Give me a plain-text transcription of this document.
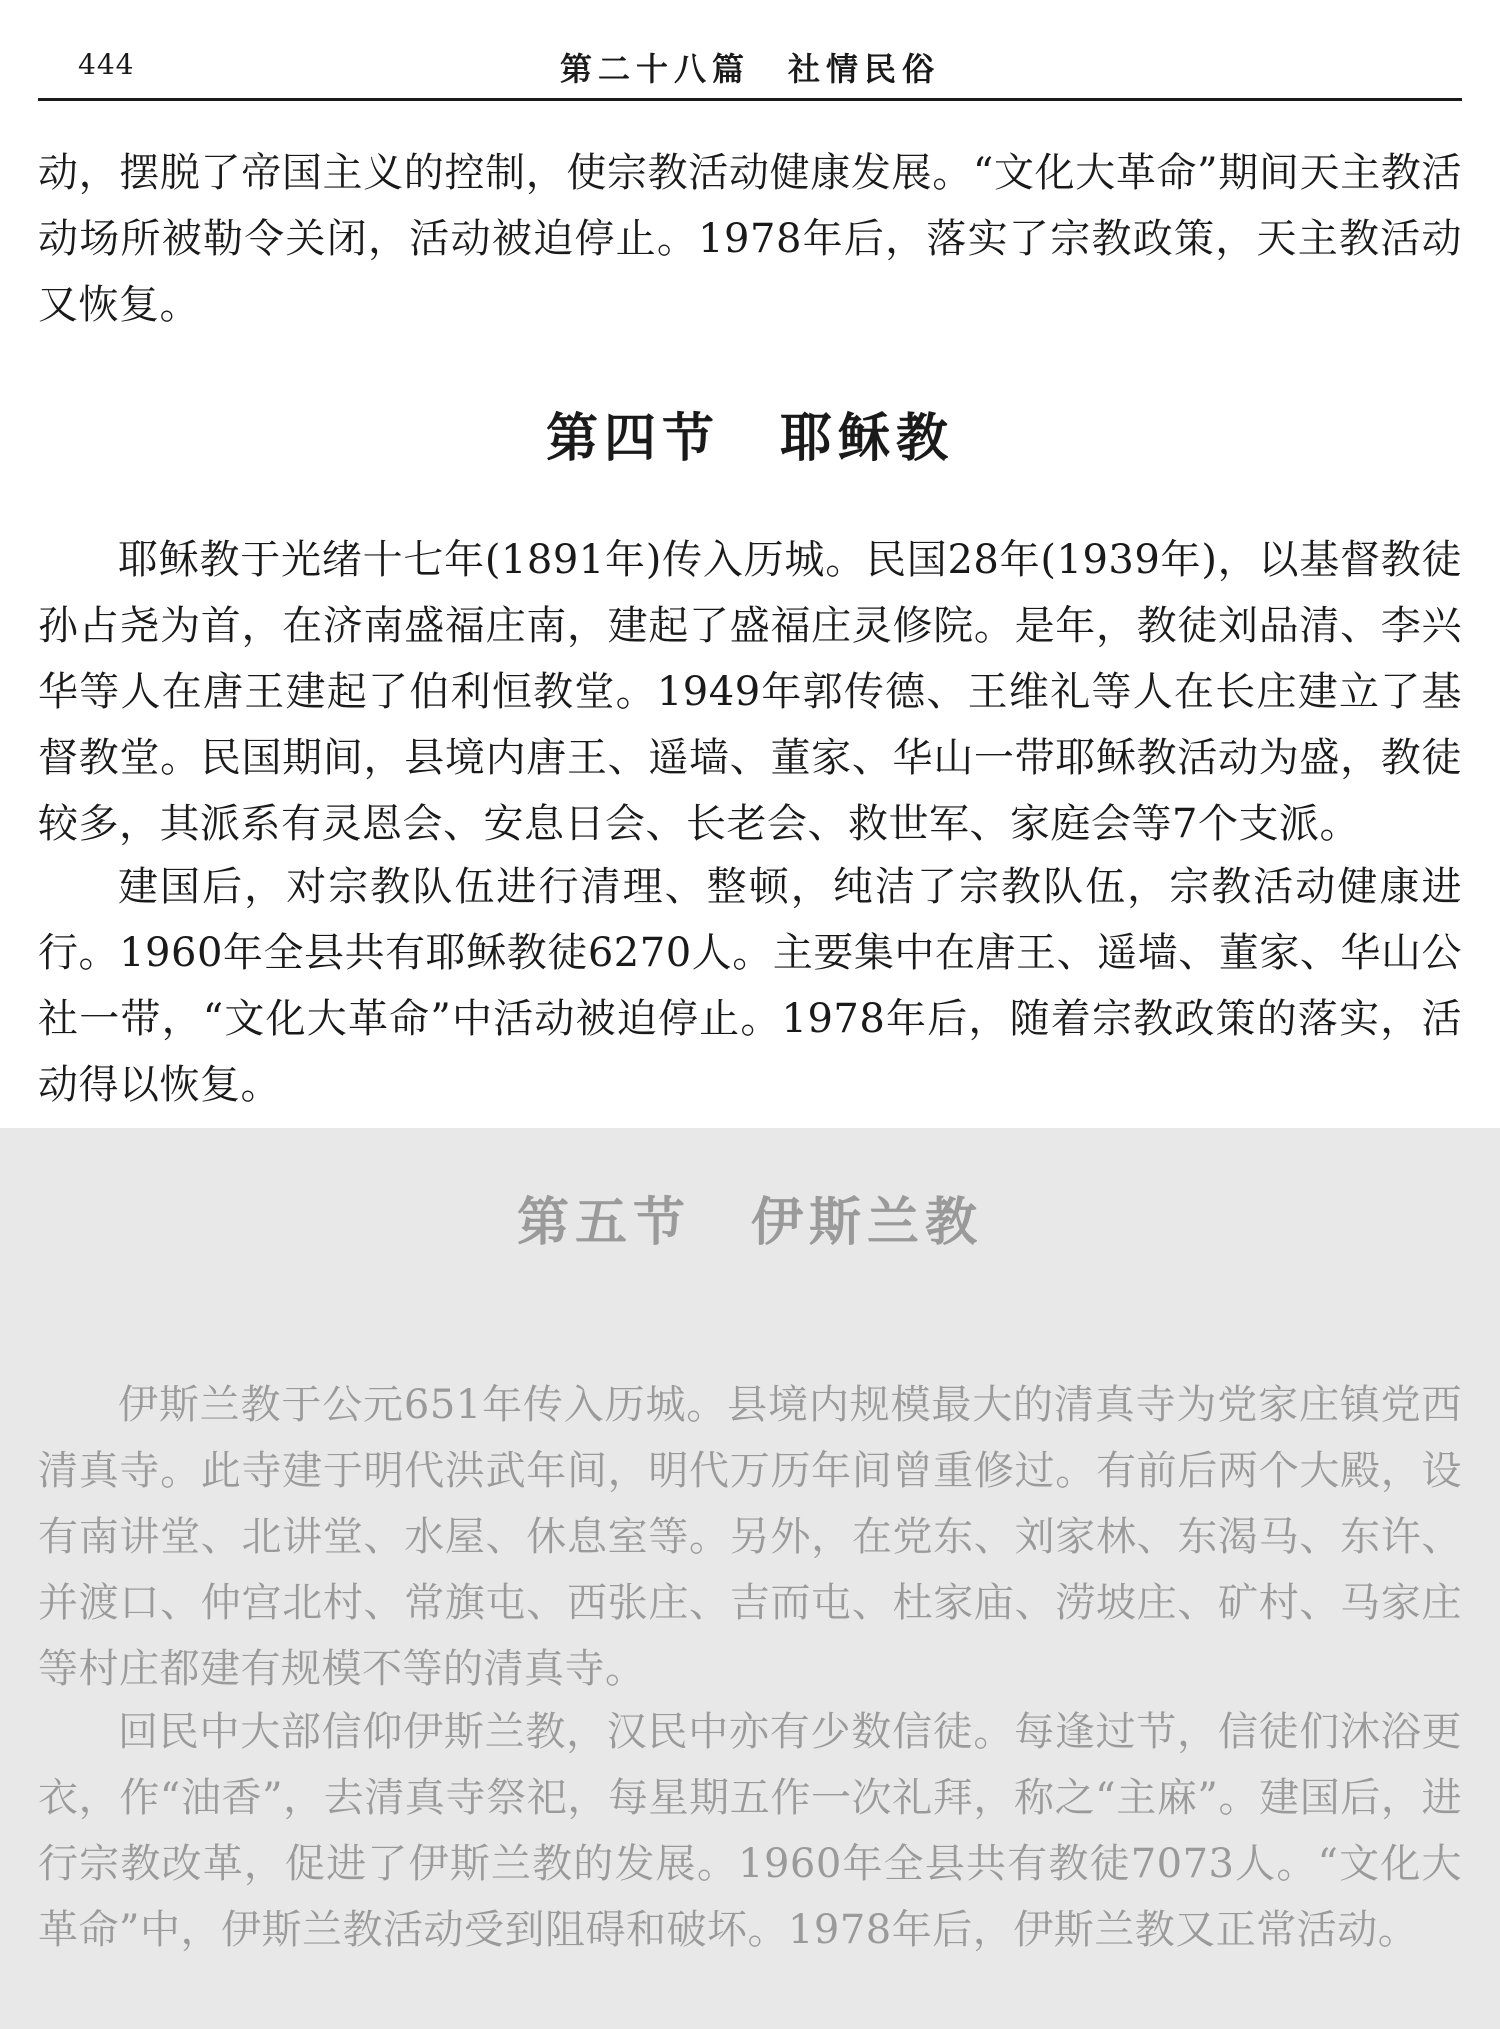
444	第二十八篇　社情民俗

动，摆脱了帝国主义的控制，使宗教活动健康发展。“文化大革命”期间天主教活动场所被勒令关闭，活动被迫停止。1978年后，落实了宗教政策，天主教活动又恢复。

第四节 耶稣教

耶稣教于光绪十七年(1891年)传入历城。民国28年(1939年)，以基督教徒孙占尧为首，在济南盛福庄南，建起了盛福庄灵修院。是年，教徒刘品清、李兴华等人在唐王建起了伯利恒教堂。1949年郭传德、王维礼等人在长庄建立了基督教堂。民国期间，县境内唐王、遥墙、董家、华山一带耶稣教活动为盛，教徒较多，其派系有灵恩会、安息日会、长老会、救世军、家庭会等7个支派。

建国后，对宗教队伍进行清理、整顿，纯洁了宗教队伍，宗教活动健康进行。1960年全县共有耶稣教徒6270人。主要集中在唐王、遥墙、董家、华山公社一带，“文化大革命”中活动被迫停止。1978年后，随着宗教政策的落实，活动得以恢复。

第五节 伊斯兰教

伊斯兰教于公元651年传入历城。县境内规模最大的清真寺为党家庄镇党西清真寺。此寺建于明代洪武年间，明代万历年间曾重修过。有前后两个大殿，设有南讲堂、北讲堂、水屋、休息室等。另外，在党东、刘家林、东渴马、东许、并渡口、仲宫北村、常旗屯、西张庄、吉而屯、杜家庙、涝坡庄、矿村、马家庄等村庄都建有规模不等的清真寺。

回民中大部信仰伊斯兰教，汉民中亦有少数信徒。每逢过节，信徒们沐浴更衣，作“油香”，去清真寺祭祀，每星期五作一次礼拜，称之“主麻”。建国后，进行宗教改革，促进了伊斯兰教的发展。1960年全县共有教徒7073人。“文化大革命”中，伊斯兰教活动受到阻碍和破坏。1978年后，伊斯兰教又正常活动。
